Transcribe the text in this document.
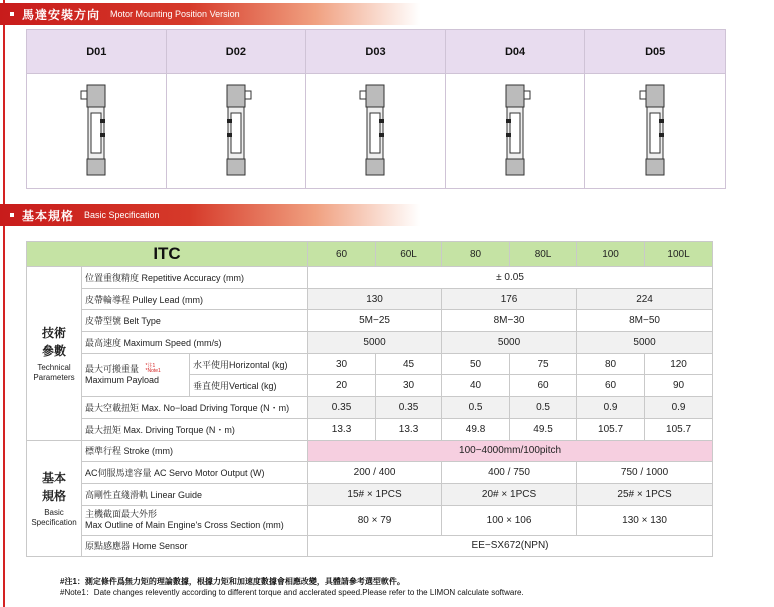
馬達安裝方向 Motor Mounting Position Version
D01	D02	D03	D04	D05
基本規格 Basic Specification
ITC			60	60L	80	80L	100	100L

技術
參數
Technical
Parameters	位置重復精度 Repetitive Accuracy (mm)		± 0.05					
	皮帶輪導程 Pulley Lead (mm)		130		176		224	
	皮帶型號 Belt Type		5M−25		8M−30		8M−50	
	最高速度 Maximum Speed (mm/s)		5000		5000		5000	
	最大可搬重量 *注1
*Note1
Maximum Payload	水平使用Horizontal (kg)	30	45	50	75	80	120
		垂直使用Vertical (kg)	20	30	40	60	60	90
	最大空載扭矩 Max. No−load Driving Torque (N・m)		0.35	0.35	0.5	0.5	0.9	0.9
	最大扭矩 Max. Driving Torque (N・m)		13.3	13.3	49.8	49.5	105.7	105.7

基本
規格
Basic
Specification	標準行程 Stroke (mm)		100−4000mm/100pitch					
	AC伺服馬達容量 AC Servo Motor Output (W)		200 / 400		400 / 750		750 / 1000	
	高剛性直綫滑軌 Linear Guide		15# × 1PCS		20# × 1PCS		25# × 1PCS	
	主機截面最大外形
Max Outline of Main Engine's Cross Section (mm)		80 × 79		100 × 106		130 × 130	
	原點感應器 Home Sensor		EE−SX672(NPN)					
#注1：測定條件爲無力矩的理論數據，根據力矩和加速度數據會相應改變，具體請參考選型軟件。
#Note1：Date changes relevently according to different torque and acclerated speed.Please refer to the LIMON calculate software.
